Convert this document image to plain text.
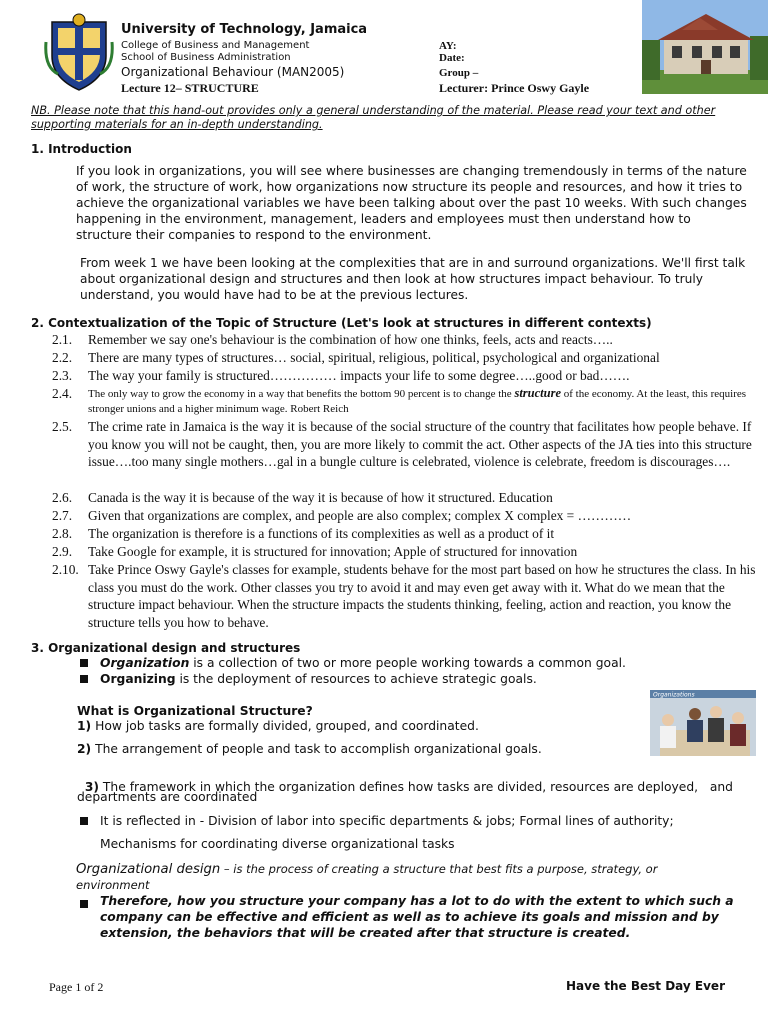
University of Technology, Jamaica
College of Business and Management
School of Business Administration
Organizational Behaviour (MAN2005)
Lecture 12– STRUCTURE
AY:
Date:
Group –
Lecturer: Prince Oswy Gayle
NB. Please note that this hand-out provides only a general understanding of the material. Please read your text and other supporting materials for an in-depth understanding.
1. Introduction
If you look in organizations, you will see where businesses are changing tremendously in terms of the nature of work, the structure of work, how organizations now structure its people and resources, and how it tries to achieve the organizational variables we have been talking about over the past 10 weeks. With such changes happening in the environment, management, leaders and employees must then understand how to structure their companies to respond to the environment.
From week 1 we have been looking at the complexities that are in and surround organizations. We'll first talk about organizational design and structures and then look at how structures impact behaviour. To truly understand, you would have had to be at the previous lectures.
2. Contextualization of the Topic of Structure (Let's look at structures in different contexts)
2.1. Remember we say one's behaviour is the combination of how one thinks, feels, acts and reacts…..
2.2. There are many types of structures… social, spiritual, religious, political, psychological and organizational
2.3. The way your family is structured…………… impacts your life to some degree…..good or bad…….
2.4.	The only way to grow the economy in a way that benefits the bottom 90 percent is to change the structure of the economy. At the least, this requires stronger unions and a higher minimum wage. Robert Reich
2.5.	The crime rate in Jamaica is the way it is because of the social structure of the country that facilitates how people behave. If you know you will not be caught, then, you are more likely to commit the act. Other aspects of the JA ties into this structure issue….too many single mothers…gal in a bungle culture is celebrated, violence is celebrate, freedom is discourages….
2.6. Canada is the way it is because of the way it is because of how it structured. Education
2.7. Given that organizations are complex, and people are also complex; complex X complex = …………
2.8. The organization is therefore is a functions of its complexities as well as a product of it
2.9. Take Google for example, it is structured for innovation; Apple of structured for innovation
2.10. Take Prince Oswy Gayle's classes for example, students behave for the most part based on how he structures the class. In his class you must do the work. Other classes you try to avoid it and may even get away with it. What do we mean that the structure impact behaviour. When the structure impacts the students thinking, feeling, action and reaction, you know the structure tells you how to behave.
3. Organizational design and structures
Organization is a collection of two or more people working towards a common goal.
Organizing is the deployment of resources to achieve strategic goals.
What is Organizational Structure?
Organizations
1) How job tasks are formally divided, grouped, and coordinated.
2) The arrangement of people and task to accomplish organizational goals.

3) The framework in which the organization defines how tasks are divided, resources are deployed,   and

departments are coordinated
It is reflected in - Division of labor into specific departments & jobs; Formal lines of authority;
Mechanisms for coordinating diverse organizational tasks
Organizational design – is the process of creating a structure that best fits a purpose, strategy, or
environment
Therefore, how you structure your company has a lot to do with the extent to which such a company can be effective and efficient as well as to achieve its goals and mission and by extension, the behaviors that will be created after that structure is created.
Page 1 of 2	Have the Best Day Ever
